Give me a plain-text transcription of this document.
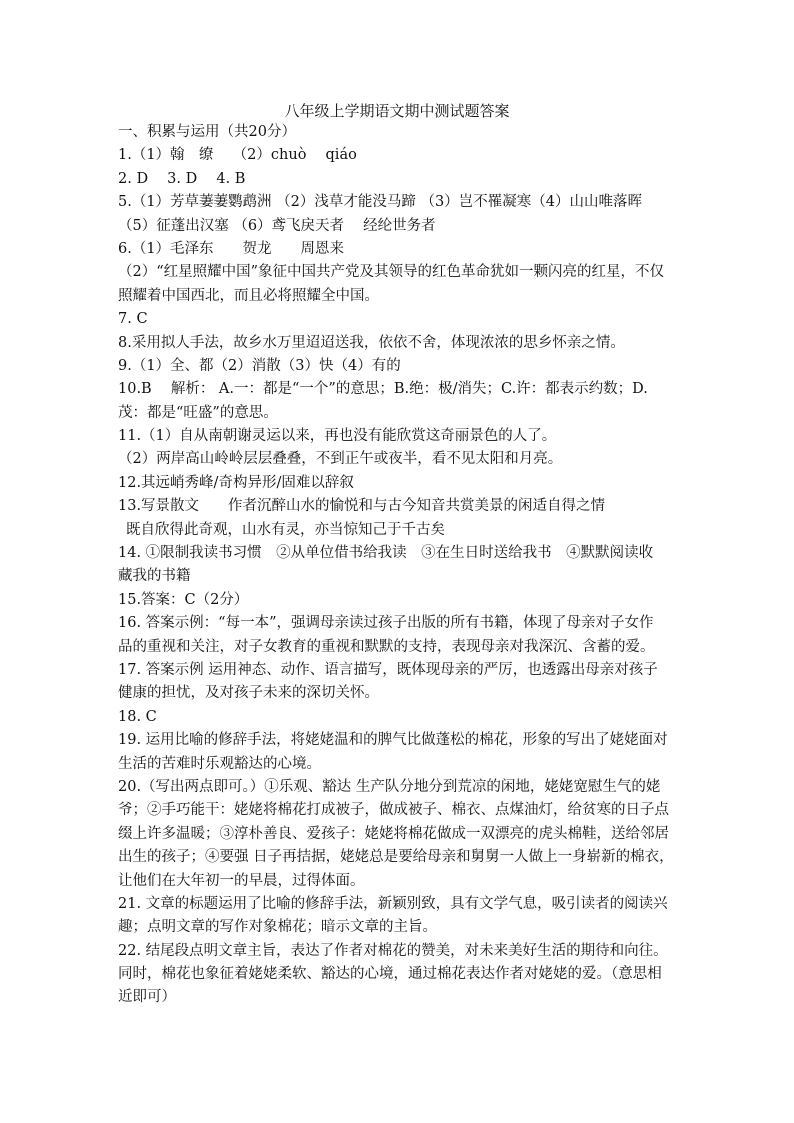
八年级上学期语文期中测试题答案
一、积累与运用（共20分）
1.（1）翰　缭　 （2）chuò　 qiáo
2. D　 3. D　 4. B
5.（1）芳草萋萋鹦鹉洲 （2）浅草才能没马蹄 （3）岂不罹凝寒（4）山山唯落晖
（5）征蓬出汉塞 （6）鸢飞戾天者　 经纶世务者
6.（1）毛泽东　　贺龙　　周恩来
（2）“红星照耀中国”象征中国共产党及其领导的红色革命犹如一颗闪亮的红星，不仅
照耀着中国西北，而且必将照耀全中国。
7. C
8.采用拟人手法，故乡水万里迢迢送我，依依不舍，体现浓浓的思乡怀亲之情。
9.（1）全、都（2）消散（3）快（4）有的
10.B　 解析： A.一：都是“一个”的意思；B.绝：极/消失；C.许：都表示约数；D.
茂：都是“旺盛”的意思。
11.（1）自从南朝谢灵运以来，再也没有能欣赏这奇丽景色的人了。
（2）两岸高山岭岭层层叠叠，不到正午或夜半，看不见太阳和月亮。
12.其远峭秀峰/奇构异形/固难以辞叙
13.写景散文　　作者沉醉山水的愉悦和与古今知音共赏美景的闲适自得之情
既自欣得此奇观，山水有灵，亦当惊知己于千古矣
14. ①限制我读书习惯　②从单位借书给我读　③在生日时送给我书　④默默阅读收
藏我的书籍
15.答案：C（2分）
16. 答案示例：“每一本”，强调母亲读过孩子出版的所有书籍，体现了母亲对子女作
品的重视和关注，对子女教育的重视和默默的支持，表现母亲对我深沉、含蓄的爱。
17. 答案示例 运用神态、动作、语言描写，既体现母亲的严厉，也透露出母亲对孩子
健康的担忧，及对孩子未来的深切关怀。
18. C
19. 运用比喻的修辞手法，将姥姥温和的脾气比做蓬松的棉花，形象的写出了姥姥面对
生活的苦难时乐观豁达的心境。
20.（写出两点即可。）①乐观、豁达 生产队分地分到荒凉的闲地，姥姥宽慰生气的姥
爷；②手巧能干：姥姥将棉花打成被子，做成被子、棉衣、点煤油灯，给贫寒的日子点
缀上许多温暖；③淳朴善良、爱孩子：姥姥将棉花做成一双漂亮的虎头棉鞋，送给邻居
出生的孩子；④要强 日子再拮据，姥姥总是要给母亲和舅舅一人做上一身崭新的棉衣，
让他们在大年初一的早晨，过得体面。
21. 文章的标题运用了比喻的修辞手法，新颖别致，具有文学气息，吸引读者的阅读兴
趣；点明文章的写作对象棉花；暗示文章的主旨。
22. 结尾段点明文章主旨，表达了作者对棉花的赞美，对未来美好生活的期待和向往。
同时，棉花也象征着姥姥柔软、豁达的心境，通过棉花表达作者对姥姥的爱。（意思相
近即可）
